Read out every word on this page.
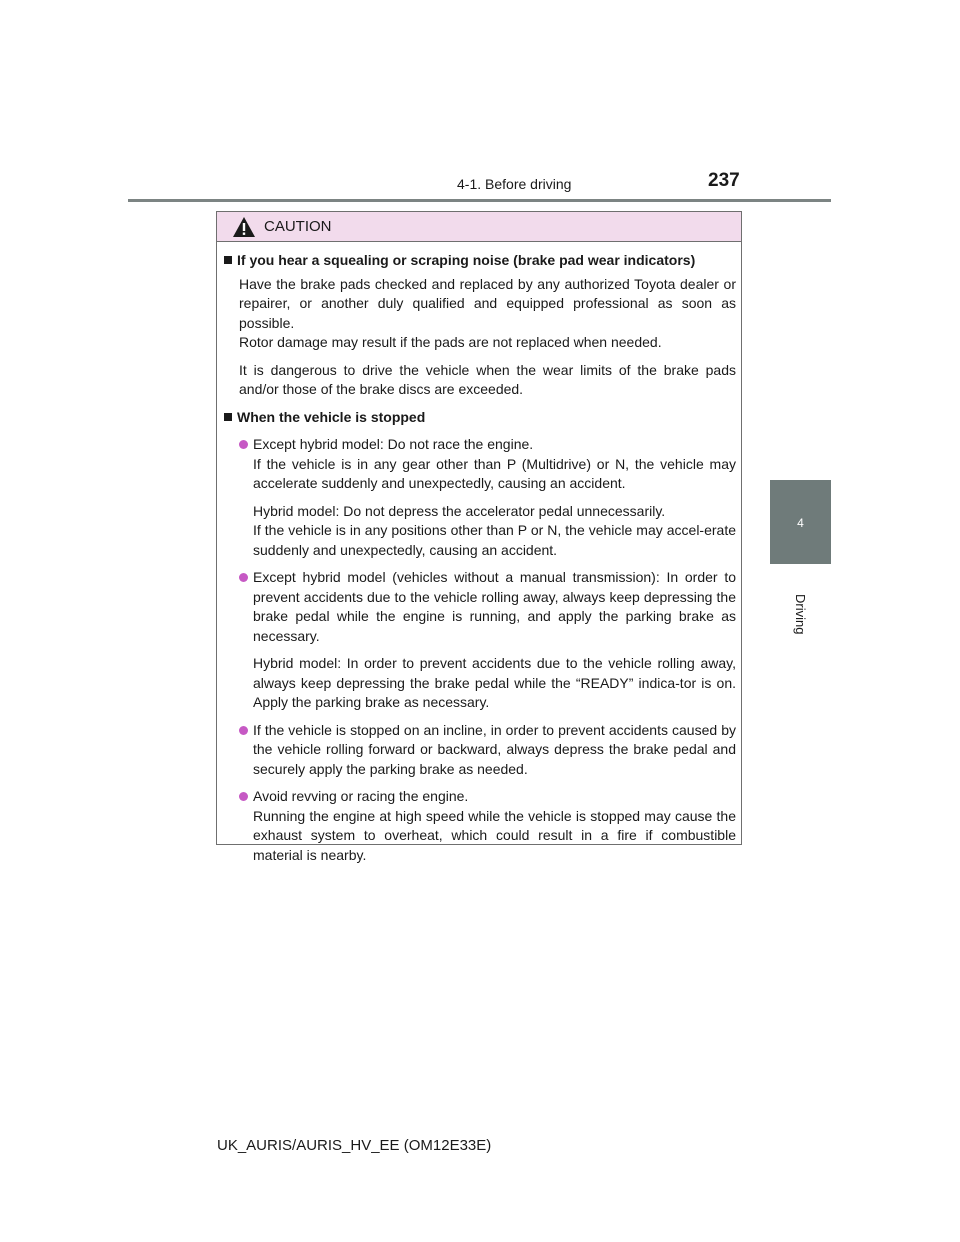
4-1. Before driving	237
4
Driving
CAUTION
If you hear a squealing or scraping noise (brake pad wear indicators)
Have the brake pads checked and replaced by any authorized Toyota dealer or repairer, or another duly qualified and equipped professional as soon as possible.
Rotor damage may result if the pads are not replaced when needed.
It is dangerous to drive the vehicle when the wear limits of the brake pads and/or those of the brake discs are exceeded.
When the vehicle is stopped
Except hybrid model: Do not race the engine.
If the vehicle is in any gear other than P (Multidrive) or N, the vehicle may accelerate suddenly and unexpectedly, causing an accident.
Hybrid model: Do not depress the accelerator pedal unnecessarily.
If the vehicle is in any positions other than P or N, the vehicle may accel-erate suddenly and unexpectedly, causing an accident.
Except hybrid model (vehicles without a manual transmission): In order to prevent accidents due to the vehicle rolling away, always keep depressing the brake pedal while the engine is running, and apply the parking brake as necessary.
Hybrid model: In order to prevent accidents due to the vehicle rolling away, always keep depressing the brake pedal while the “READY” indica-tor is on. Apply the parking brake as necessary.
If the vehicle is stopped on an incline, in order to prevent accidents caused by the vehicle rolling forward or backward, always depress the brake pedal and securely apply the parking brake as needed.
Avoid revving or racing the engine.
Running the engine at high speed while the vehicle is stopped may cause the exhaust system to overheat, which could result in a fire if combustible material is nearby.
UK_AURIS/AURIS_HV_EE (OM12E33E)
